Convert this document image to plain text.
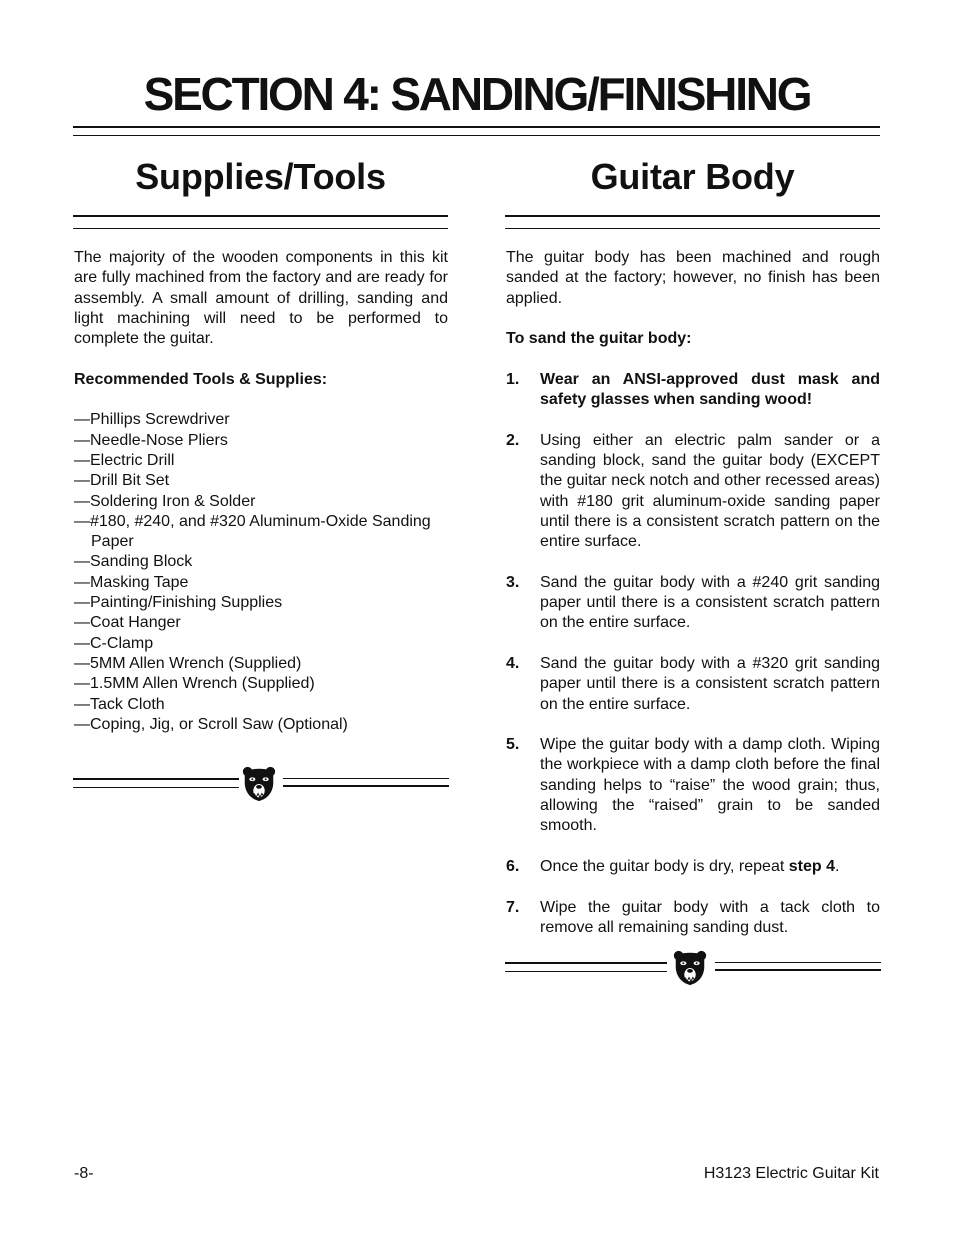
SECTION 4: SANDING/FINISHING
Supplies/Tools

The majority of the wooden components in this kit are fully machined from the factory and are ready for assembly. A small amount of drilling, sanding and light machining will need to be performed to complete the guitar.

Recommended Tools & Supplies:

—Phillips Screwdriver
—Needle-Nose Pliers
—Electric Drill
—Drill Bit Set
—Soldering Iron & Solder
—#180, #240, and #320 Aluminum-Oxide Sanding Paper
—Sanding Block
—Masking Tape
—Painting/Finishing Supplies
—Coat Hanger
—C-Clamp
—5MM Allen Wrench (Supplied)
—1.5MM Allen Wrench (Supplied)
—Tack Cloth
—Coping, Jig, or Scroll Saw (Optional)
Guitar Body

The guitar body has been machined and rough sanded at the factory; however, no finish has been applied.

To sand the guitar body:

1.	Wear an ANSI-approved dust mask and safety glasses when sanding wood!
2.	Using either an electric palm sander or a sanding block, sand the guitar body (EXCEPT the guitar neck notch and other recessed areas) with #180 grit aluminum-oxide sanding paper until there is a consistent scratch pattern on the entire surface.
3.	Sand the guitar body with a #240 grit sanding paper until there is a consistent scratch pattern on the entire surface.
4.	Sand the guitar body with a #320 grit sanding paper until there is a consistent scratch pattern on the entire surface.
5.	Wipe the guitar body with a damp cloth. Wiping the workpiece with a damp cloth before the final sanding helps to “raise” the wood grain; thus, allowing the “raised” grain to be sanded smooth.
6.	Once the guitar body is dry, repeat step 4.
7.	Wipe the guitar body with a tack cloth to remove all remaining sanding dust.
-8-	H3123 Electric Guitar Kit
